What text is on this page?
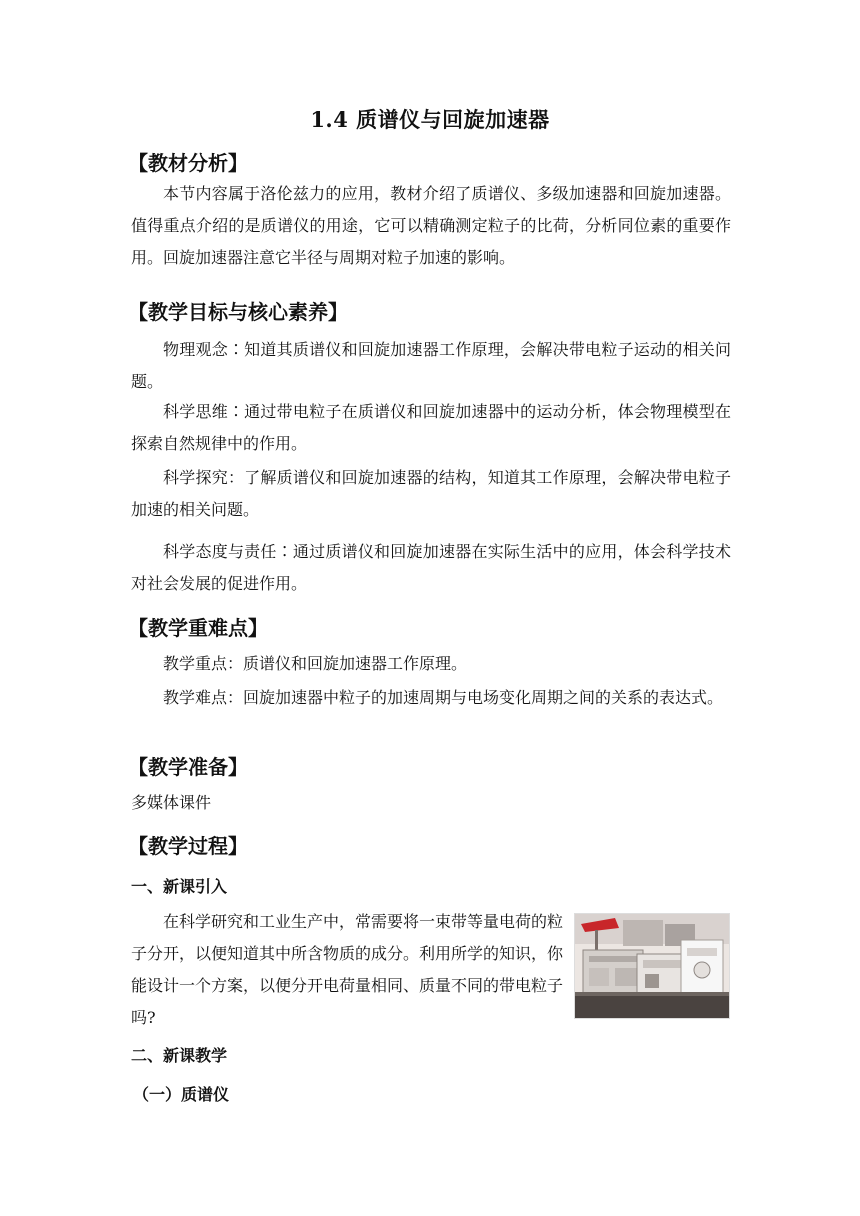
1.4 质谱仪与回旋加速器
【教材分析】
本节内容属于洛伦兹力的应用，教材介绍了质谱仪、多级加速器和回旋加速器。值得重点介绍的是质谱仪的用途，它可以精确测定粒子的比荷，分析同位素的重要作用。回旋加速器注意它半径与周期对粒子加速的影响。
【教学目标与核心素养】
物理观念∶知道其质谱仪和回旋加速器工作原理，会解决带电粒子运动的相关问题。
科学思维∶通过带电粒子在质谱仪和回旋加速器中的运动分析，体会物理模型在探索自然规律中的作用。
科学探究：了解质谱仪和回旋加速器的结构，知道其工作原理，会解决带电粒子加速的相关问题。
科学态度与责任∶通过质谱仪和回旋加速器在实际生活中的应用，体会科学技术对社会发展的促进作用。
【教学重难点】
教学重点：质谱仪和回旋加速器工作原理。
教学难点：回旋加速器中粒子的加速周期与电场变化周期之间的关系的表达式。
【教学准备】
多媒体课件
【教学过程】
一、新课引入
在科学研究和工业生产中，常需要将一束带等量电荷的粒子分开，以便知道其中所含物质的成分。利用所学的知识，你能设计一个方案，以便分开电荷量相同、质量不同的带电粒子吗?
二、新课教学
（一）质谱仪
